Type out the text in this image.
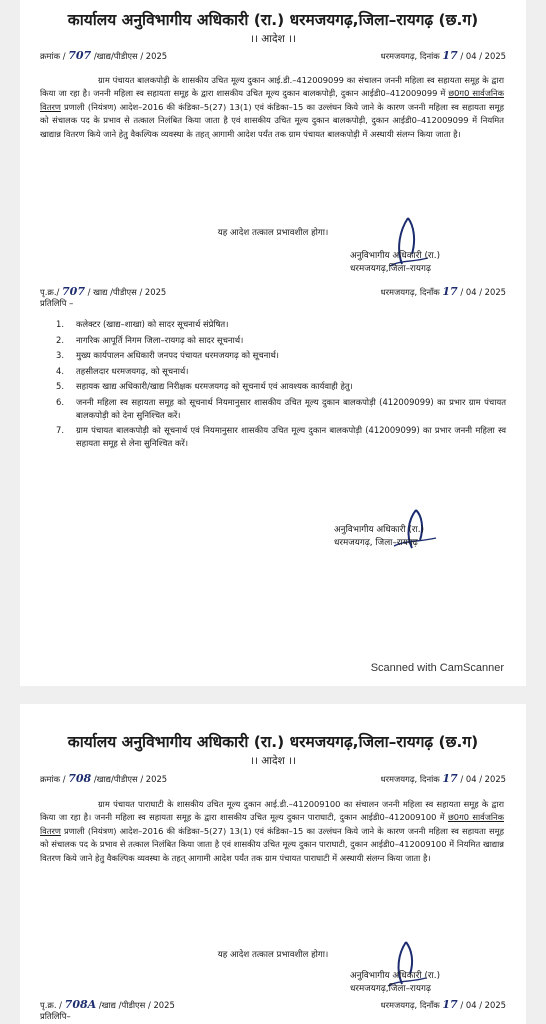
कार्यालय अनुविभागीय अधिकारी (रा.) धरमजयगढ़,जिला–रायगढ़ (छ.ग)
।। आदेश ।।
क्रमांक / 707 /खाद्य/पीडीएस / 2025	धरमजयगढ़, दिनांक 17 / 04 / 2025
ग्राम पंचायत बालकपोड़ी के शासकीय उचित मूल्य दुकान आई.डी.–412009099 का संचालन जननी महिला स्व सहायता समूह के द्वारा किया जा रहा है। जननी महिला स्व सहायता समूह के द्वारा शासकीय उचित मूल्य दुकान बालकपोड़ी, दुकान आईडी0–412009099 में छ0ग0 सार्वजनिक वितरण प्रणाली (नियंत्रण) आदेश–2016 की कंडिका–5(27) 13(1) एवं कंडिका–15 का उल्लंघन किये जाने के कारण जननी महिला स्व सहायता समूह को संचालक पद के प्रभाव से तत्काल निलंबित किया जाता है एवं शासकीय उचित मूल्य दुकान बालकपोड़ी, दुकान आईडी0–412009099 में नियमित खाद्यान्न वितरण किये जाने हेतु वैकल्पिक व्यवस्था के तहत् आगामी आदेश पर्यंत तक ग्राम पंचायत बालकपोड़ी में अस्थायी संलग्न किया जाता है।
यह आदेश तत्काल प्रभावशील होगा।
अनुविभागीय अधिकारी (रा.)
धरमजयगढ़,जिला–रायगढ़
पृ.क्र./ 707 / खाद्य /पीडीएस / 2025	धरमजयगढ़, दिनाँक 17 / 04 / 2025
प्रतिलिपि –
1.	कलेक्टर (खाद्य–शाखा) को सादर सूचनार्थ संप्रेषित।
2.	नागरिक आपूर्ति निगम जिला–रायगढ़ को सादर सूचनार्थ।
3.	मुख्य कार्यपालन अधिकारी जनपद पंचायत धरमजयगढ़ को सूचनार्थ।
4.	तहसीलदार धरमजयगढ़, को सूचनार्थ।
5.	सहायक खाद्य अधिकारी/खाद्य निरीक्षक धरमजयगढ़ को सूचनार्थ एवं आवश्यक कार्यवाही हेतु।
6.	जननी महिला स्व सहायता समूह को सूचनार्थ नियमानुसार शासकीय उचित मूल्य दुकान बालकपोड़ी (412009099) का प्रभार ग्राम पंचायत बालकपोड़ी को देना सुनिश्चित करें।
7.	ग्राम पंचायत बालकपोड़ी को सूचनार्थ एवं नियमानुसार शासकीय उचित मूल्य दुकान बालकपोड़ी (412009099) का प्रभार जननी महिला स्व सहायता समूह से लेना सुनिश्चित करें।
अनुविभागीय अधिकारी (रा.)
धरमजयगढ़, जिला–रायगढ़
Scanned with CamScanner
कार्यालय अनुविभागीय अधिकारी (रा.) धरमजयगढ़,जिला–रायगढ़ (छ.ग)
।। आदेश ।।
क्रमांक / 708 /खाद्य/पीडीएस / 2025	धरमजयगढ़, दिनांक 17 / 04 / 2025
ग्राम पंचायत पाराघाटी के शासकीय उचित मूल्य दुकान आई.डी.–412009100 का संचालन जननी महिला स्व सहायता समूह के द्वारा किया जा रहा है। जननी महिला स्व सहायता समूह के द्वारा शासकीय उचित मूल्य दुकान पाराघाटी, दुकान आईडी0–412009100 में छ0ग0 सार्वजनिक वितरण प्रणाली (नियंत्रण) आदेश–2016 की कंडिका–5(27) 13(1) एवं कंडिका–15 का उल्लंघन किये जाने के कारण जननी महिला स्व सहायता समूह को संचालक पद के प्रभाव से तत्काल निलंबित किया जाता है एवं शासकीय उचित मूल्य दुकान पाराघाटी, दुकान आईडी0–412009100 में नियमित खाद्यान्न वितरण किये जाने हेतु वैकल्पिक व्यवस्था के तहत् आगामी आदेश पर्यंत तक ग्राम पंचायत पाराघाटी में अस्थायी संलग्न किया जाता है।
यह आदेश तत्काल प्रभावशील होगा।
अनुविभागीय अधिकारी (रा.)
धरमजयगढ़,जिला–रायगढ़
पृ.क्र. / 708A /खाद्य /पीडीएस / 2025	धरमजयगढ़, दिनाँक 17 / 04 / 2025
प्रतिलिपि–
